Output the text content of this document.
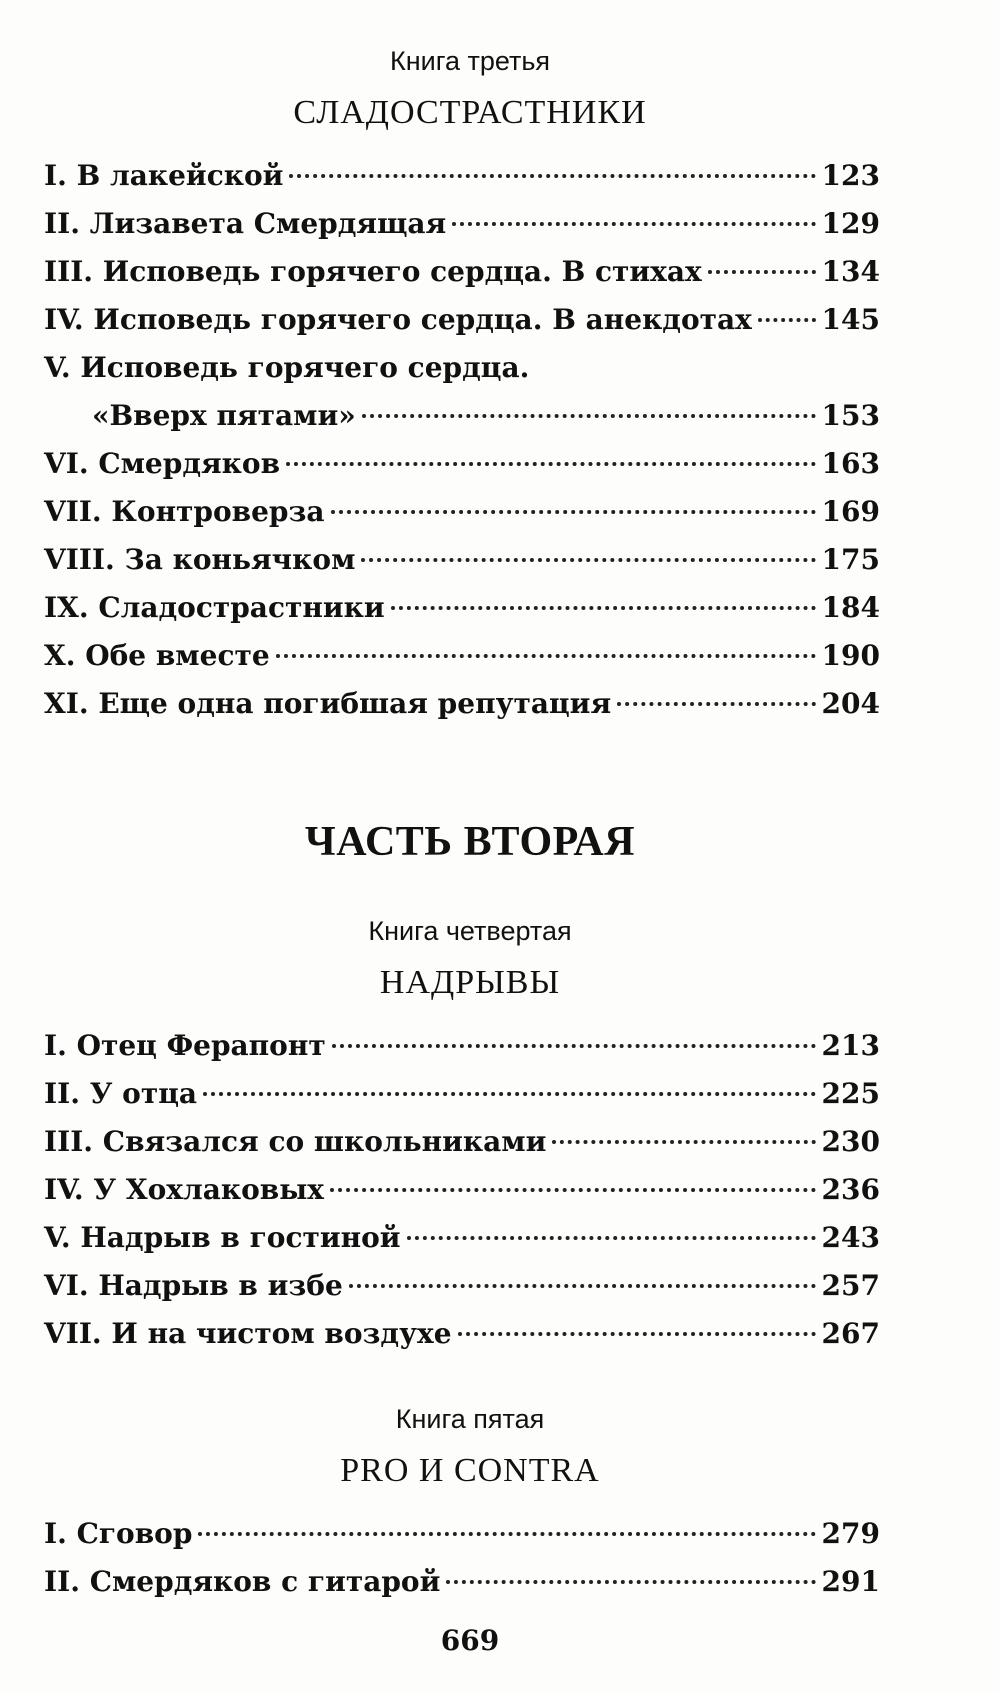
Книга третья
СЛАДОСТРАСТНИКИ
I. В лакейской	123
II. Лизавета Смердящая	129
III. Исповедь горячего сердца. В стихах	134
IV. Исповедь горячего сердца. В анекдотах 145
V. Исповедь горячего сердца.
«Вверх пятами»	153
VI. Смердяков	163
VII. Контроверза	169
VIII. За коньячком	175
IX. Сладострастники	184
X. Обе вместе	190
XI. Еще одна погибшая репутация	204
ЧАСТЬ ВТОРАЯ
Книга четвертая
НАДРЫВЫ
I. Отец Ферапонт	213
II. У отца	225
III. Связался со школьниками	230
IV. У Хохлаковых	236
V. Надрыв в гостиной	243
VI. Надрыв в избе	257
VII. И на чистом воздухе	267
Книга пятая
PRO И CONTRA
I. Сговор	279
II. Смердяков с гитарой	291
669
